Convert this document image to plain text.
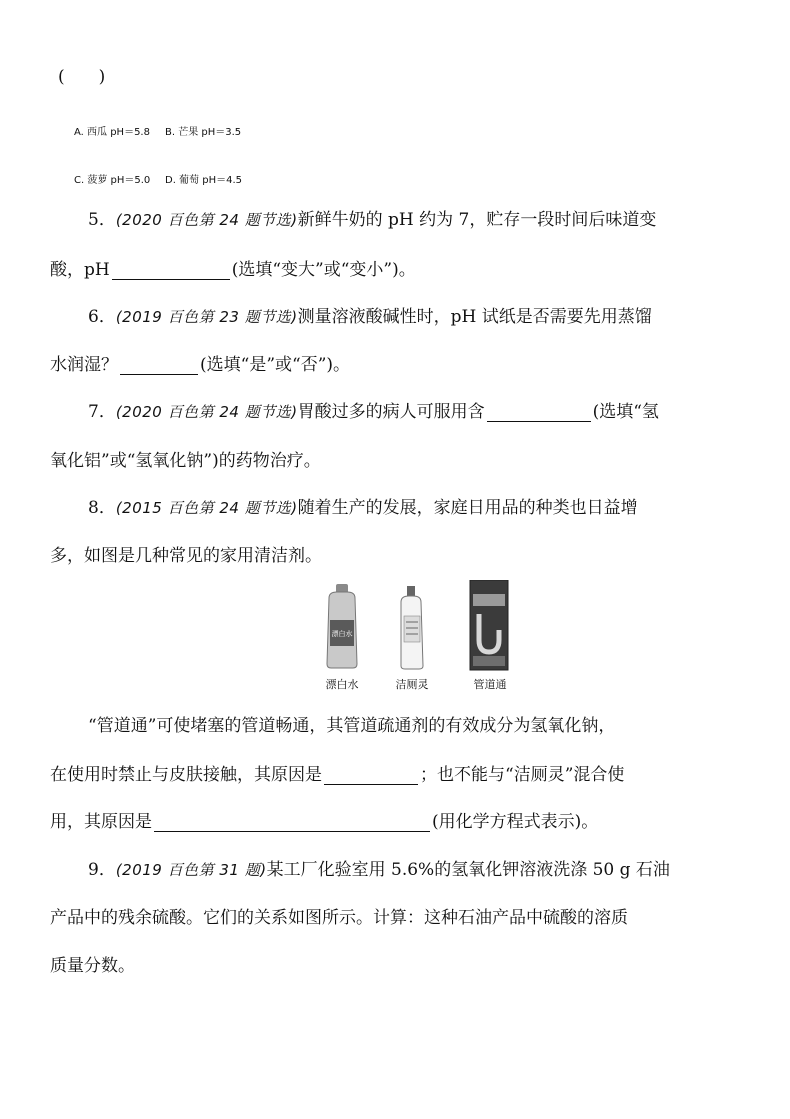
(　　)
A. 西瓜 pH＝5.8 B. 芒果 pH＝3.5
C. 菠萝 pH＝5.0 D. 葡萄 pH＝4.5
5．(2020 百色第 24 题节选)新鲜牛奶的 pH 约为 7，贮存一段时间后味道变
酸，pH	(选填“变大”或“变小”)。
6．(2019 百色第 23 题节选)测量溶液酸碱性时，pH 试纸是否需要先用蒸馏
水润湿？	(选填“是”或“否”)。
7．(2020 百色第 24 题节选)胃酸过多的病人可服用含	(选填“氢
氧化铝”或“氢氧化钠”)的药物治疗。
8．(2015 百色第 24 题节选)随着生产的发展，家庭日用品的种类也日益增
多，如图是几种常见的家用清洁剂。
漂白水
漂白水	洁厕灵	管道通
“管道通”可使堵塞的管道畅通，其管道疏通剂的有效成分为氢氧化钠，
在使用时禁止与皮肤接触，其原因是	；也不能与“洁厕灵”混合使
用，其原因是	(用化学方程式表示)。
9．(2019 百色第 31 题)某工厂化验室用 5.6%的氢氧化钾溶液洗涤 50 g 石油
产品中的残余硫酸。它们的关系如图所示。计算：这种石油产品中硫酸的溶质
质量分数。
